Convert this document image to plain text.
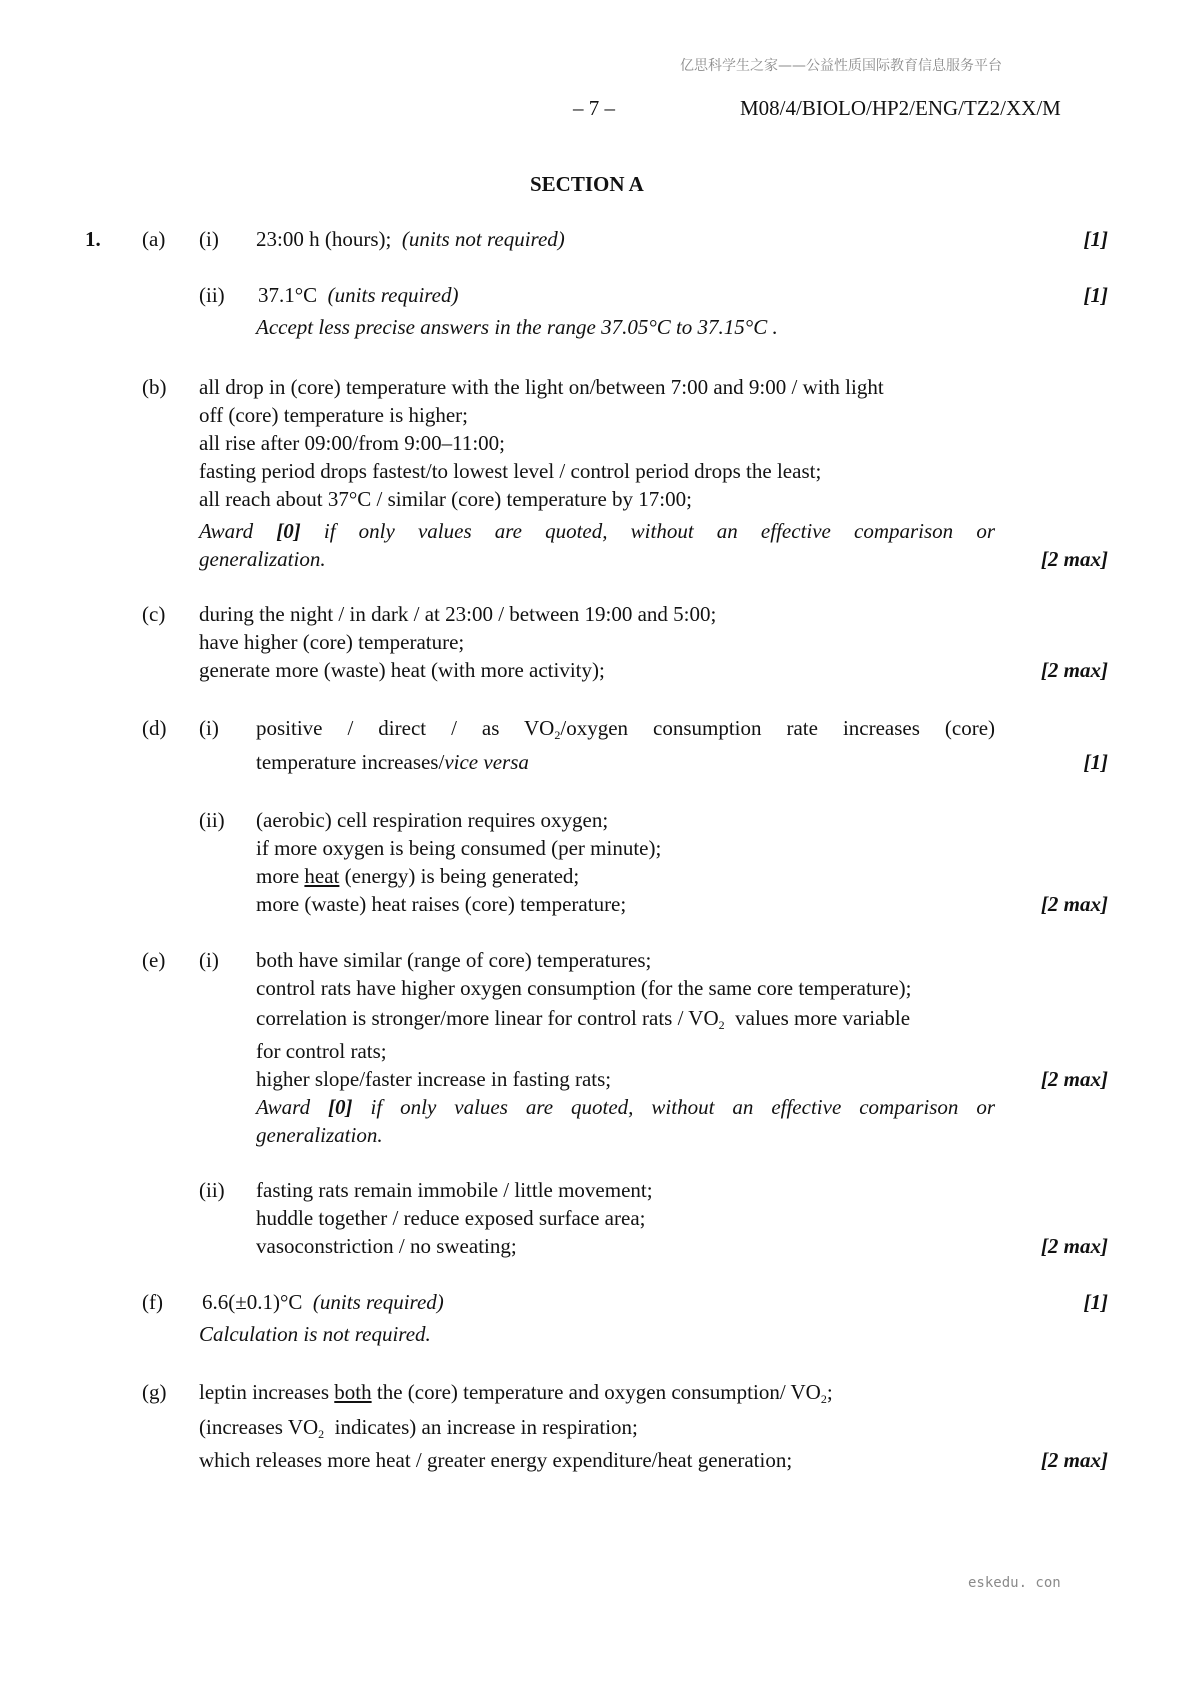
亿思科学生之家——公益性质国际教育信息服务平台
– 7 –	M08/4/BIOLO/HP2/ENG/TZ2/XX/M
SECTION A
1. (a) (i) 23:00 h (hours); (units not required)	[1]
(ii) 37.1°C (units required)	[1]
Accept less precise answers in the range 37.05°C to 37.15°C .
(b) all drop in (core) temperature with the light on/between 7:00 and 9:00 / with light
off (core) temperature is higher;
all rise after 09:00/from 9:00–11:00;
fasting period drops fastest/to lowest level / control period drops the least;
all reach about 37°C / similar (core) temperature by 17:00;
Award [0] if only values are quoted, without an effective comparison or
generalization.	[2 max]
(c) during the night / in dark / at 23:00 / between 19:00 and 5:00;
have higher (core) temperature;
generate more (waste) heat (with more activity);	[2 max]
(d) (i) positive / direct / as $VO_2$/oxygen consumption rate increases (core)
temperature increases/vice versa	[1]
(ii) (aerobic) cell respiration requires oxygen;
if more oxygen is being consumed (per minute);
more heat (energy) is being generated;
more (waste) heat raises (core) temperature;	[2 max]
(e) (i) both have similar (range of core) temperatures;
control rats have higher oxygen consumption (for the same core temperature);
correlation is stronger/more linear for control rats / $VO_2$ values more variable
for control rats;
higher slope/faster increase in fasting rats;	[2 max]
Award [0] if only values are quoted, without an effective comparison or
generalization.
(ii) fasting rats remain immobile / little movement;
huddle together / reduce exposed surface area;
vasoconstriction / no sweating;	[2 max]
(f) 6.6(±0.1)°C (units required)	[1]
Calculation is not required.
(g) leptin increases both the (core) temperature and oxygen consumption/ $VO_2$;
(increases $VO_2$ indicates) an increase in respiration;
which releases more heat / greater energy expenditure/heat generation;	[2 max]
eskedu. con
